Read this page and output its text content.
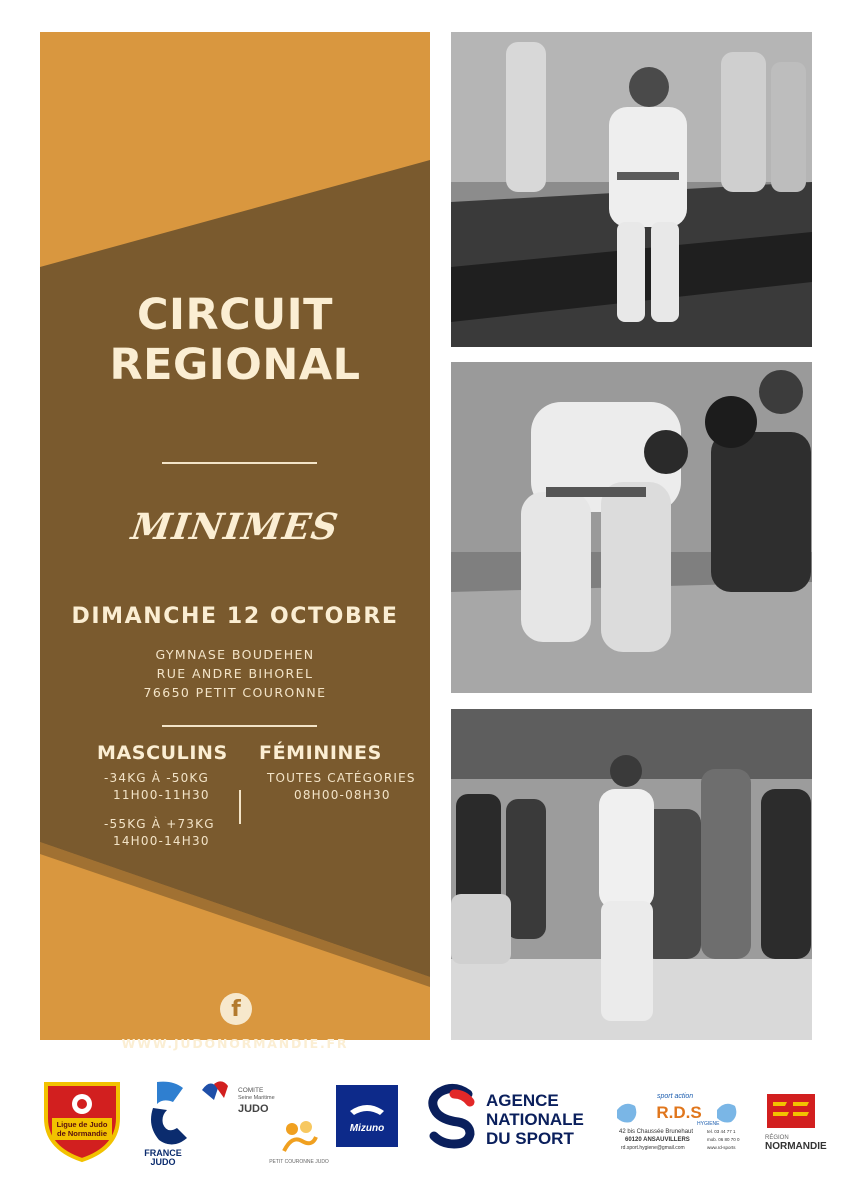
CIRCUIT
REGIONAL
MINIMES
DIMANCHE 12 OCTOBRE
GYMNASE BOUDEHEN
RUE ANDRE BIHOREL
76650 PETIT COURONNE
MASCULINS
-34KG À -50KG
11H00-11H30
-55KG À +73KG
14H00-14H30
FÉMININES
TOUTES CATÉGORIES
08H00-08H30
f
WWW.JUDONORMANDIE.FR
Ligue de Judo
de Normandie
FRANCE
JUDO
COMITE
Seine Maritime
JUDO
PETIT COURONNE JUDO
Mizuno
AGENCE
NATIONALE
DU SPORT
sport action
R.D.S
HYGIENE
42 bis Chaussée Brunehaut
60120 ANSAUVILLERS
rd.sport.hygiene@gmail.com
tel. 03 44 77 1
mob. 06 80 70 0
www.rd-sports
RÉGION
NORMANDIE
